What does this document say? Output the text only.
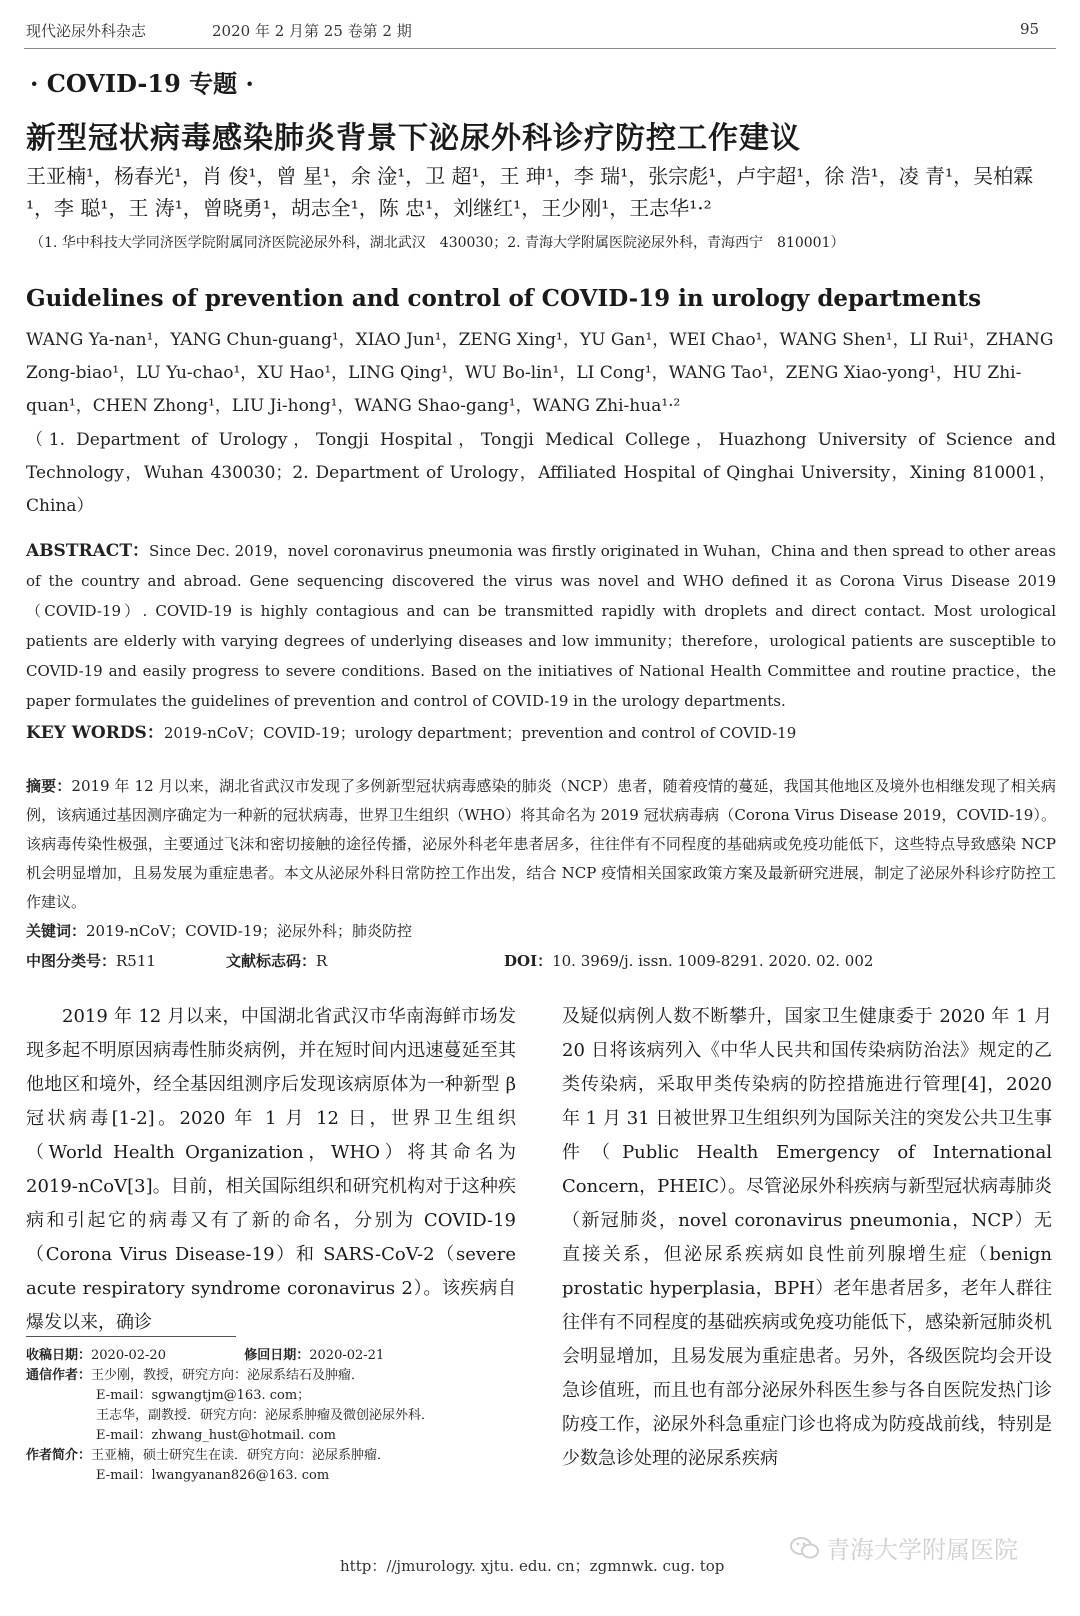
现代泌尿外科杂志	2020 年 2 月第 25 卷第 2 期	95
· COVID-19 专题 ·
新型冠状病毒感染肺炎背景下泌尿外科诊疗防控工作建议
王亚楠¹，杨春光¹，肖 俊¹，曾 星¹，余 淦¹，卫 超¹，王 珅¹，李 瑞¹，张宗彪¹，卢宇超¹，徐 浩¹，凌 青¹，吴柏霖¹，李 聪¹，王 涛¹，曾晓勇¹，胡志全¹，陈 忠¹，刘继红¹，王少刚¹，王志华¹·²
（1. 华中科技大学同济医学院附属同济医院泌尿外科，湖北武汉　430030；2. 青海大学附属医院泌尿外科，青海西宁　810001）
Guidelines of prevention and control of COVID-19 in urology departments
WANG Ya-nan¹，YANG Chun-guang¹，XIAO Jun¹，ZENG Xing¹，YU Gan¹，WEI Chao¹，WANG Shen¹，LI Rui¹，ZHANG Zong-biao¹，LU Yu-chao¹，XU Hao¹，LING Qing¹，WU Bo-lin¹，LI Cong¹，WANG Tao¹，ZENG Xiao-yong¹，HU Zhi-quan¹，CHEN Zhong¹，LIU Ji-hong¹，WANG Shao-gang¹，WANG Zhi-hua¹·²
（1. Department of Urology，Tongji Hospital，Tongji Medical College，Huazhong University of Science and Technology，Wuhan 430030；2. Department of Urology，Affiliated Hospital of Qinghai University，Xining 810001，China）
ABSTRACT：Since Dec. 2019，novel coronavirus pneumonia was firstly originated in Wuhan，China and then spread to other areas of the country and abroad. Gene sequencing discovered the virus was novel and WHO defined it as Corona Virus Disease 2019（COVID-19）. COVID-19 is highly contagious and can be transmitted rapidly with droplets and direct contact. Most urological patients are elderly with varying degrees of underlying diseases and low immunity；therefore，urological patients are susceptible to COVID-19 and easily progress to severe conditions. Based on the initiatives of National Health Committee and routine practice，the paper formulates the guidelines of prevention and control of COVID-19 in the urology departments.
KEY WORDS：2019-nCoV；COVID-19；urology department；prevention and control of COVID-19
摘要：2019 年 12 月以来，湖北省武汉市发现了多例新型冠状病毒感染的肺炎（NCP）患者，随着疫情的蔓延，我国其他地区及境外也相继发现了相关病例，该病通过基因测序确定为一种新的冠状病毒，世界卫生组织（WHO）将其命名为 2019 冠状病毒病（Corona Virus Disease 2019，COVID-19）。该病毒传染性极强，主要通过飞沫和密切接触的途径传播，泌尿外科老年患者居多，往往伴有不同程度的基础病或免疫功能低下，这些特点导致感染 NCP 机会明显增加，且易发展为重症患者。本文从泌尿外科日常防控工作出发，结合 NCP 疫情相关国家政策方案及最新研究进展，制定了泌尿外科诊疗防控工作建议。
关键词：2019-nCoV；COVID-19；泌尿外科；肺炎防控
中图分类号：R511	文献标志码：R	DOI：10. 3969/j. issn. 1009-8291. 2020. 02. 002
2019 年 12 月以来，中国湖北省武汉市华南海鲜市场发现多起不明原因病毒性肺炎病例，并在短时间内迅速蔓延至其他地区和境外，经全基因组测序后发现该病原体为一种新型 β 冠状病毒[1-2]。2020 年 1 月 12 日，世界卫生组织（World Health Organization，WHO）将其命名为 2019-nCoV[3]。目前，相关国际组织和研究机构对于这种疾病和引起它的病毒又有了新的命名，分别为 COVID-19（Corona Virus Disease-19）和 SARS-CoV-2（severe acute respiratory syndrome coronavirus 2）。该疾病自爆发以来，确诊
及疑似病例人数不断攀升，国家卫生健康委于 2020 年 1 月 20 日将该病列入《中华人民共和国传染病防治法》规定的乙类传染病，采取甲类传染病的防控措施进行管理[4]，2020 年 1 月 31 日被世界卫生组织列为国际关注的突发公共卫生事件（Public Health Emergency of International Concern，PHEIC）。尽管泌尿外科疾病与新型冠状病毒肺炎（新冠肺炎，novel coronavirus pneumonia，NCP）无直接关系，但泌尿系疾病如良性前列腺增生症（benign prostatic hyperplasia，BPH）老年患者居多，老年人群往往伴有不同程度的基础疾病或免疫功能低下，感染新冠肺炎机会明显增加，且易发展为重症患者。另外，各级医院均会开设急诊值班，而且也有部分泌尿外科医生参与各自医院发热门诊防疫工作，泌尿外科急重症门诊也将成为防疫战前线，特别是少数急诊处理的泌尿系疾病
收稿日期：2020-02-20	修回日期：2020-02-21
通信作者：王少刚，教授，研究方向：泌尿系结石及肿瘤．
E-mail：sgwangtjm@163. com；
王志华，副教授．研究方向：泌尿系肿瘤及微创泌尿外科．
E-mail：zhwang_hust@hotmail. com
作者简介：王亚楠，硕士研究生在读．研究方向：泌尿系肿瘤．
E-mail：lwangyanan826@163. com
http：//jmurology. xjtu. edu. cn；zgmnwk. cug. top
青海大学附属医院
